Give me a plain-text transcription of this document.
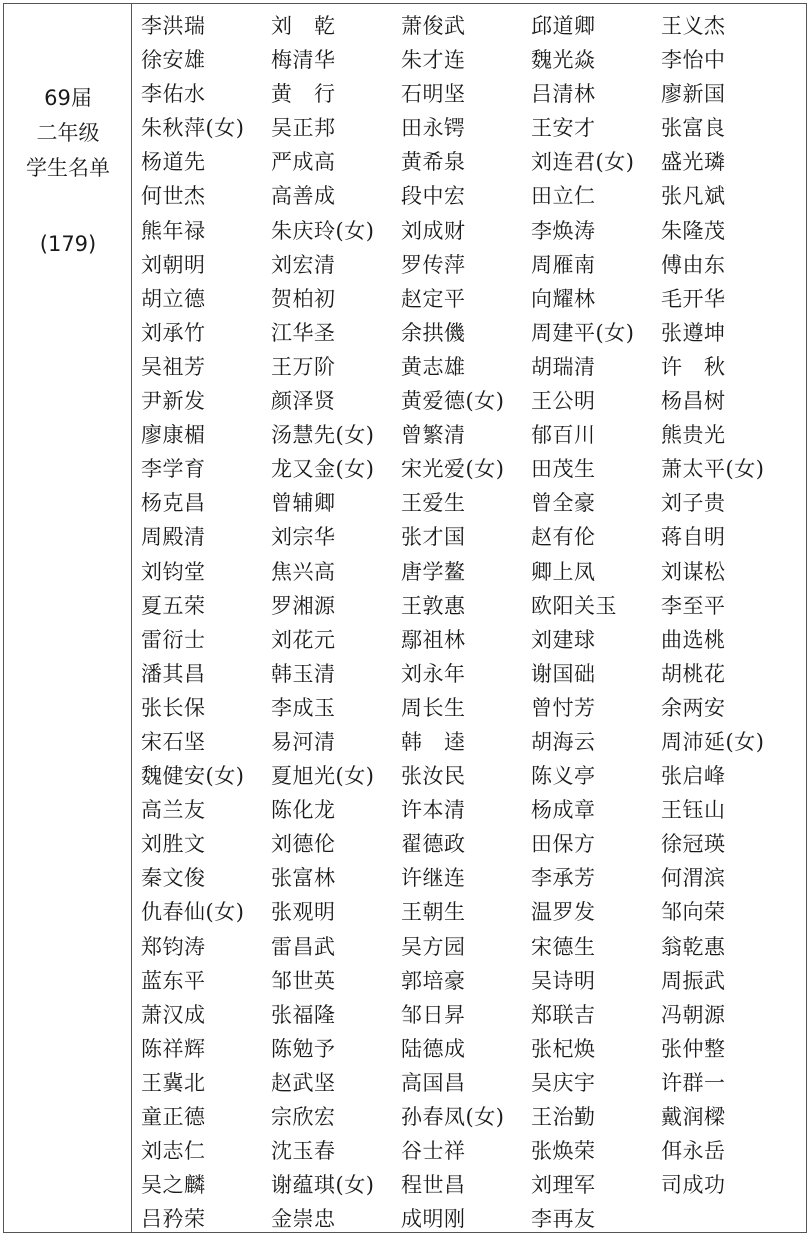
69届
二年级
学生名单
(179)
李洪瑞	刘　乾	萧俊武	邱道卿	王义杰
徐安雄	梅清华	朱才连	魏光焱	李怡中
李佑水	黄　行	石明坚	吕清林	廖新国
朱秋萍(女)	吴正邦	田永锷	王安才	张富良
杨道先	严成高	黄希泉	刘连君(女)	盛光璘
何世杰	高善成	段中宏	田立仁	张凡斌
熊年禄	朱庆玲(女)	刘成财	李焕涛	朱隆茂
刘朝明	刘宏清	罗传萍	周雁南	傅由东
胡立德	贺柏初	赵定平	向耀林	毛开华
刘承竹	江华圣	余拱僟	周建平(女)	张遵坤
吴祖芳	王万阶	黄志雄	胡瑞清	许　秋
尹新发	颜泽贤	黄爱德(女)	王公明	杨昌树
廖康楣	汤慧先(女)	曾繁清	郁百川	熊贵光
李学育	龙又金(女)	宋光爱(女)	田茂生	萧太平(女)
杨克昌	曾辅卿	王爱生	曾全豪	刘子贵
周殿清	刘宗华	张才国	赵有伦	蒋自明
刘钧堂	焦兴高	唐学鳌	卿上凤	刘谋松
夏五荣	罗湘源	王敦惠	欧阳关玉	李至平
雷衍士	刘花元	鄢祖林	刘建球	曲选桃
潘其昌	韩玉清	刘永年	谢国础	胡桃花
张长保	李成玉	周长生	曾忖芳	余两安
宋石坚	易河清	韩　逵	胡海云	周沛延(女)
魏健安(女)	夏旭光(女)	张汝民	陈义亭	张启峰
高兰友	陈化龙	许本清	杨成章	王钰山
刘胜文	刘德伦	翟德政	田保方	徐冠瑛
秦文俊	张富林	许继连	李承芳	何渭滨
仇春仙(女)	张观明	王朝生	温罗发	邹向荣
郑钧涛	雷昌武	吴方园	宋德生	翁乾惠
蓝东平	邹世英	郭培豪	吴诗明	周振武
萧汉成	张福隆	邹日昇	郑联吉	冯朝源
陈祥辉	陈勉予	陆德成	张杞焕	张仲整
王冀北	赵武坚	高国昌	吴庆宇	许群一
童正德	宗欣宏	孙春凤(女)	王治勤	戴润樑
刘志仁	沈玉春	谷士祥	张焕荣	佴永岳
吴之麟	谢蕴琪(女)	程世昌	刘理军	司成功
吕矜荣	金崇忠	成明刚	李再友
